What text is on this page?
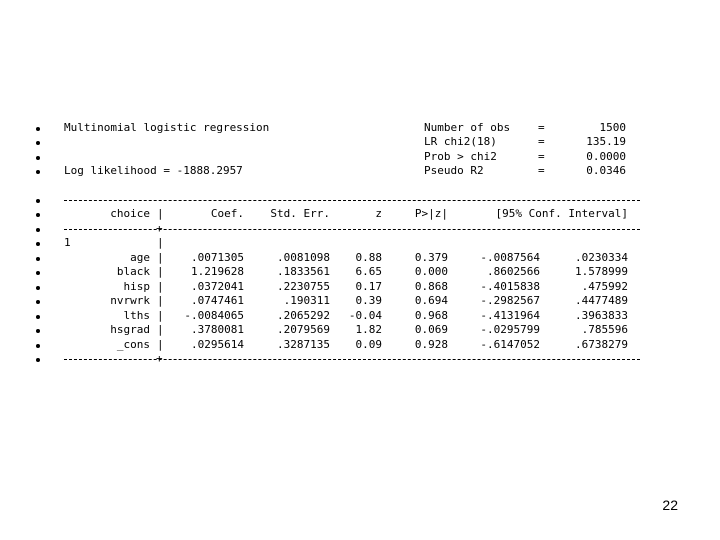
Multinomial logistic regression
Log likelihood = -1888.2957
Number of obs	=	1500
LR chi2(18)	=	135.19
Prob > chi2	=	0.0000
Pseudo R2	=	0.0346
+
+
choice |	Coef.	Std. Err.	z	P>|z|	[95% Conf. Interval]
1	|
age |	.0071305	.0081098	0.88	0.379	-.0087564	.0230334
black |	1.219628	.1833561	6.65	0.000	.8602566	1.578999
hisp |	.0372041	.2230755	0.17	0.868	-.4015838	.475992
nvrwrk |	.0747461	.190311	0.39	0.694	-.2982567	.4477489
lths |	-.0084065	.2065292	-0.04	0.968	-.4131964	.3963833
hsgrad |	.3780081	.2079569	1.82	0.069	-.0295799	.785596
_cons |	.0295614	.3287135	0.09	0.928	-.6147052	.6738279
22
